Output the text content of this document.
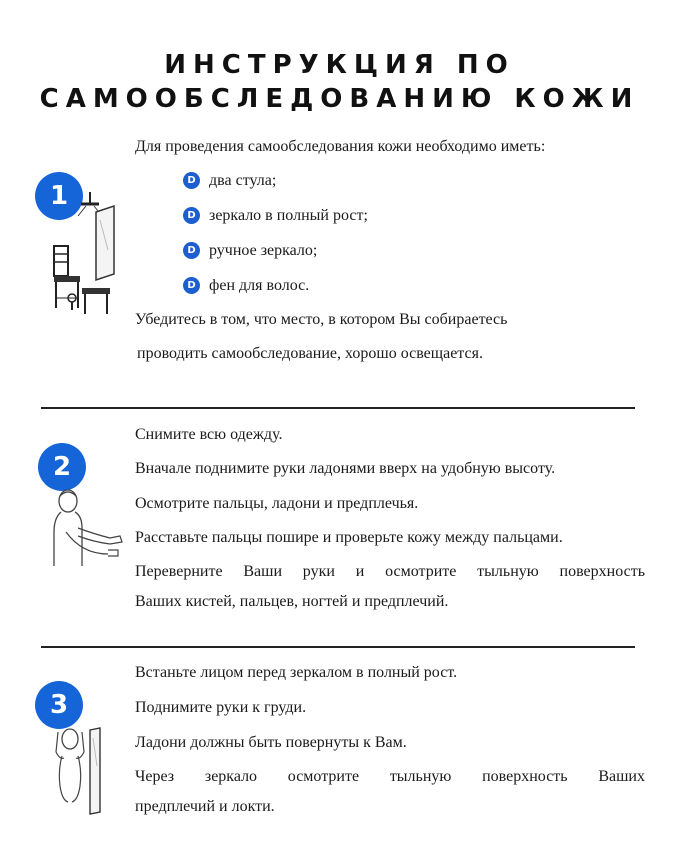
ИНСТРУКЦИЯ ПО
САМООБСЛЕДОВАНИЮ КОЖИ
1
Для проведения самообследования кожи необходимо иметь:
D два стула;
D зеркало в полный рост;
D ручное зеркало;
D фен для волос.
Убедитесь в том, что место, в котором Вы собираетесь
проводить самообследование, хорошо освещается.
2
Снимите всю одежду.
Вначале поднимите руки ладонями вверх на удобную высоту.
Осмотрите пальцы, ладони и предплечья.
Расставьте пальцы пошире и проверьте кожу между пальцами.
Переверните Ваши руки и осмотрите тыльную поверхность
Ваших кистей, пальцев, ногтей и предплечий.
3
Встаньте лицом перед зеркалом в полный рост.
Поднимите руки к груди.
Ладони должны быть повернуты к Вам.
Через зеркало осмотрите тыльную поверхность Ваших
предплечий и локти.
